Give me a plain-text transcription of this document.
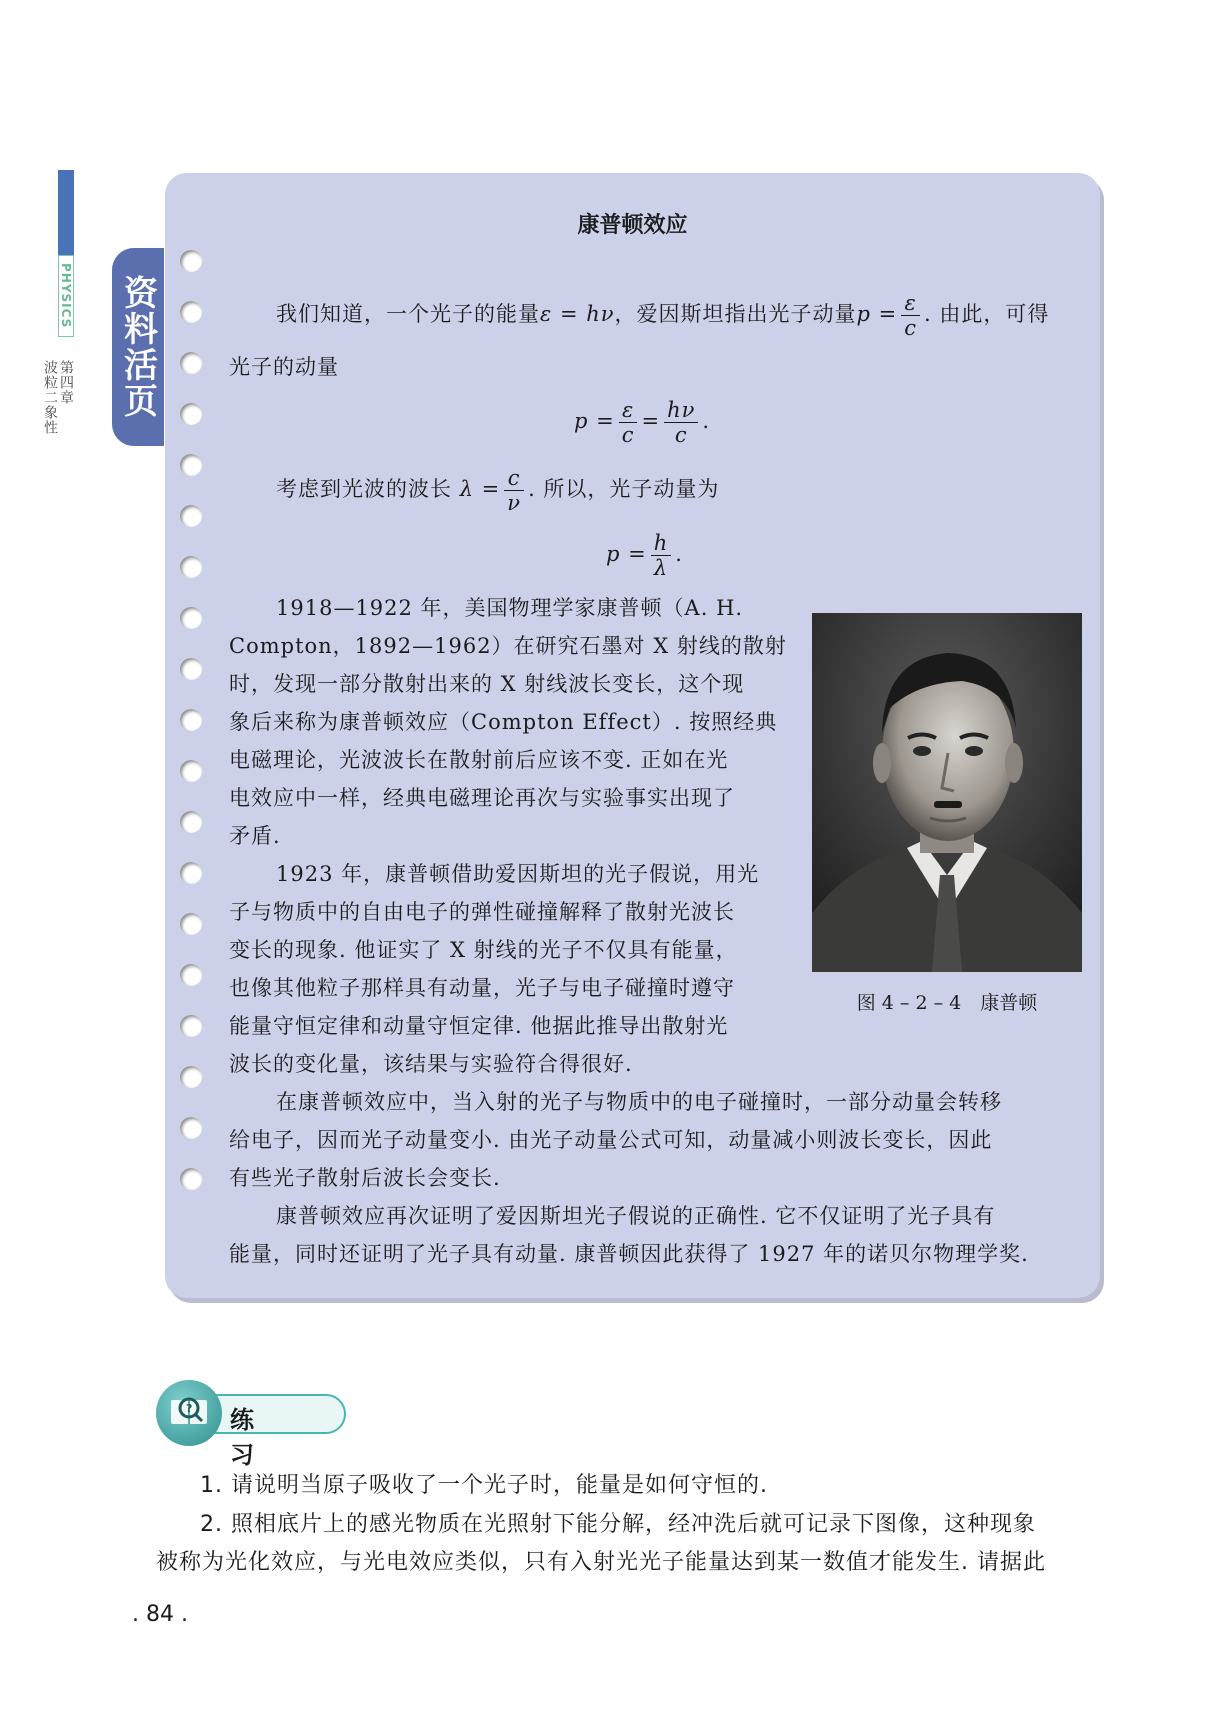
PHYSICS
第四章
波粒二象性 资料活页
康普顿效应
我们知道，一个光子的能量ε = hν，爱因斯坦指出光子动量$p = \frac{\varepsilon}{c}$ . 由此，可得
光子的动量
$p = \frac{\varepsilon}{c} = \frac{h\nu}{c}$ .
考虑到光波的波长 $\lambda = \frac{c}{\nu}$ . 所以，光子动量为
$p = \frac{h}{\lambda}$ .
1918—1922 年，美国物理学家康普顿（A. H.
Compton，1892—1962）在研究石墨对 X 射线的散射
时，发现一部分散射出来的 X 射线波长变长，这个现
象后来称为康普顿效应（Compton Effect）. 按照经典
电磁理论，光波波长在散射前后应该不变. 正如在光
电效应中一样，经典电磁理论再次与实验事实出现了
矛盾.
1923 年，康普顿借助爱因斯坦的光子假说，用光
子与物质中的自由电子的弹性碰撞解释了散射光波长
变长的现象. 他证实了 X 射线的光子不仅具有能量，
也像其他粒子那样具有动量，光子与电子碰撞时遵守
能量守恒定律和动量守恒定律. 他据此推导出散射光
波长的变化量，该结果与实验符合得很好.
在康普顿效应中，当入射的光子与物质中的电子碰撞时，一部分动量会转移
给电子，因而光子动量变小. 由光子动量公式可知，动量减小则波长变长，因此
有些光子散射后波长会变长.
康普顿效应再次证明了爱因斯坦光子假说的正确性. 它不仅证明了光子具有
能量，同时还证明了光子具有动量. 康普顿因此获得了 1927 年的诺贝尔物理学奖.
图 4 – 2 – 4　康普顿
? 练习
1. 请说明当原子吸收了一个光子时，能量是如何守恒的.
2. 照相底片上的感光物质在光照射下能分解，经冲洗后就可记录下图像，这种现象
被称为光化效应，与光电效应类似，只有入射光光子能量达到某一数值才能发生. 请据此
. 84 .
